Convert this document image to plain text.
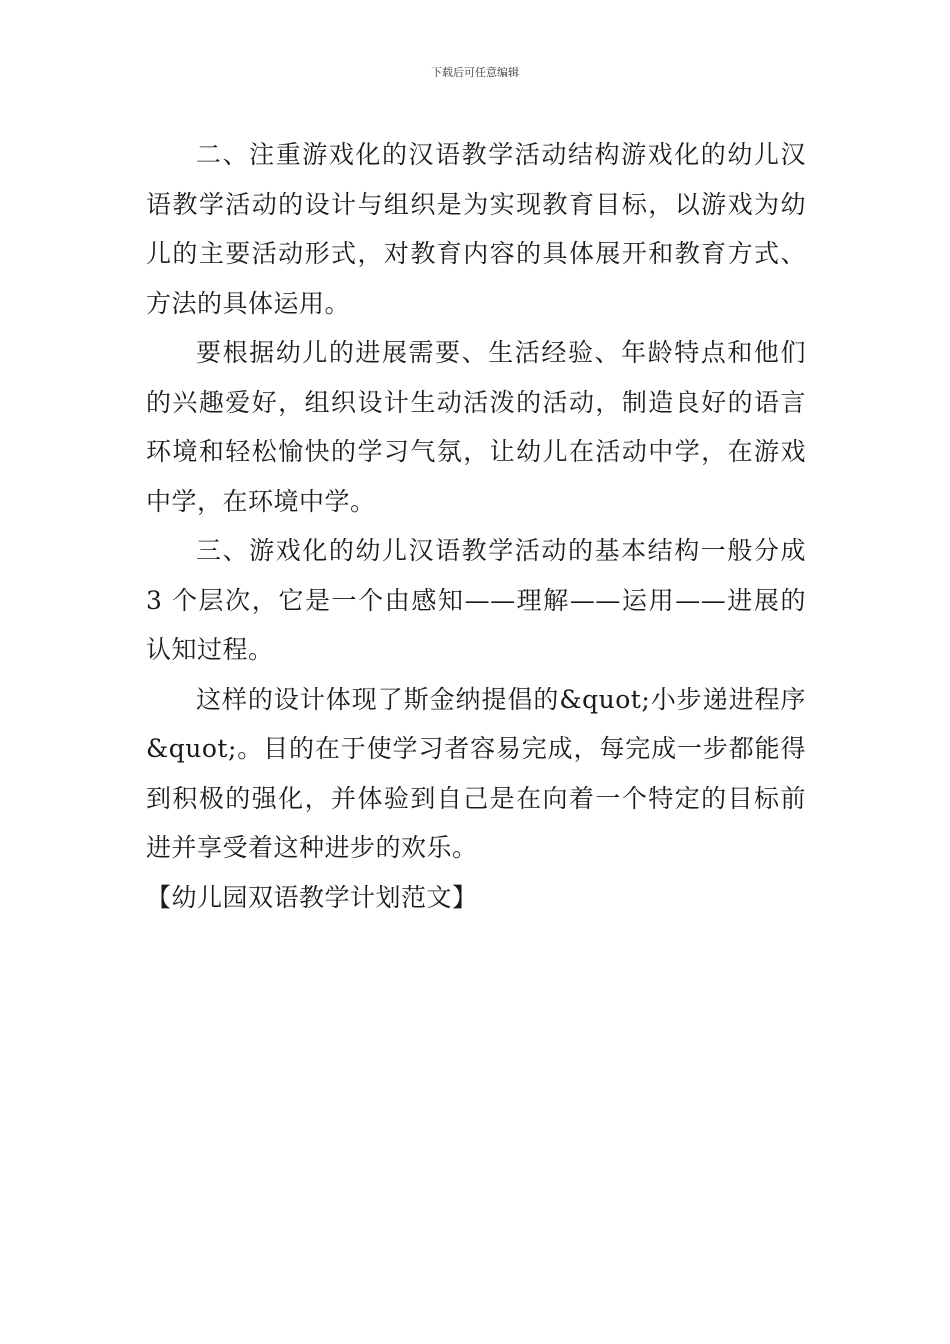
下载后可任意编辑

二、注重游戏化的汉语教学活动结构游戏化的幼儿汉语教学活动的设计与组织是为实现教育目标，以游戏为幼儿的主要活动形式，对教育内容的具体展开和教育方式、方法的具体运用。

要根据幼儿的进展需要、生活经验、年龄特点和他们的兴趣爱好，组织设计生动活泼的活动，制造良好的语言环境和轻松愉快的学习气氛，让幼儿在活动中学，在游戏中学，在环境中学。

三、游戏化的幼儿汉语教学活动的基本结构一般分成 3 个层次，它是一个由感知——理解——运用——进展的认知过程。

这样的设计体现了斯金纳提倡的&quot;小步递进程序&quot;。目的在于使学习者容易完成，每完成一步都能得到积极的强化，并体验到自己是在向着一个特定的目标前进并享受着这种进步的欢乐。

【幼儿园双语教学计划范文】
